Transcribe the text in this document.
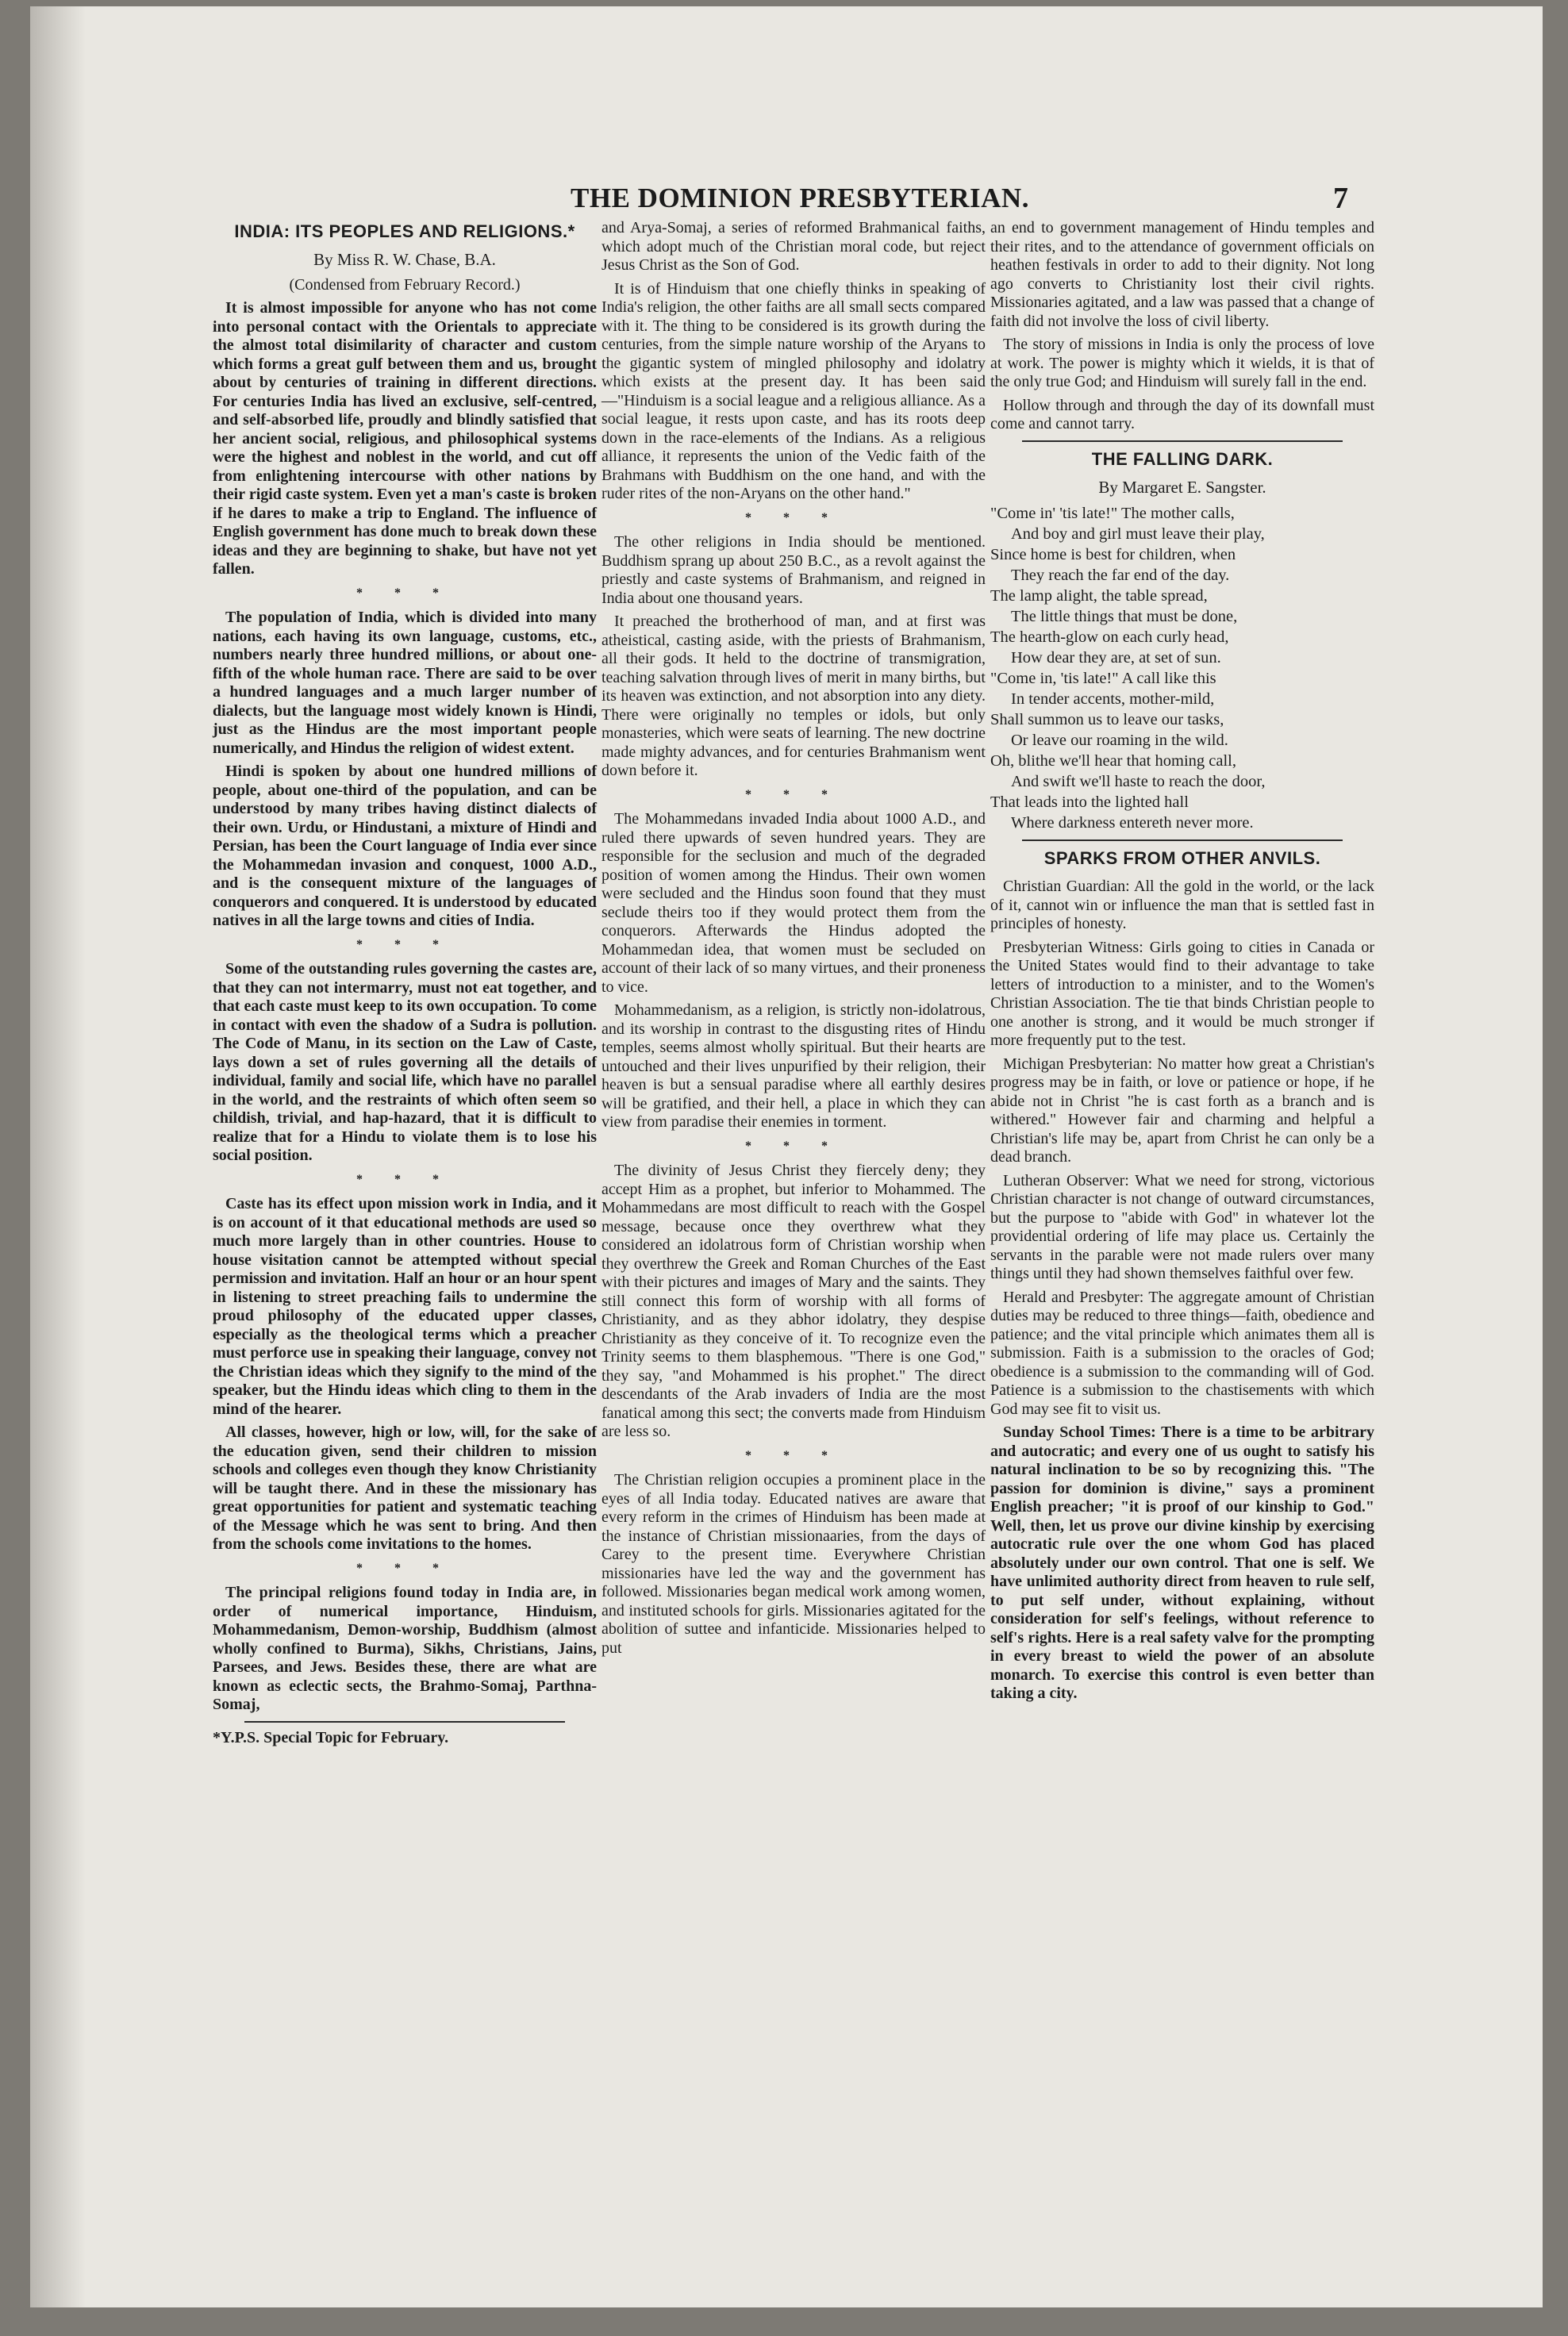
THE DOMINION PRESBYTERIAN.	7
INDIA: ITS PEOPLES AND RELIGIONS.*
By Miss R. W. Chase, B.A.
(Condensed from February Record.)

It is almost impossible for anyone who has not come into personal contact with the Orientals to appreciate the almost total disimilarity of character and custom which forms a great gulf between them and us, brought about by centuries of training in different directions. For centuries India has lived an exclusive, self-centred, and self-absorbed life, proudly and blindly satisfied that her ancient social, religious, and philosophical systems were the highest and noblest in the world, and cut off from enlightening intercourse with other nations by their rigid caste system. Even yet a man's caste is broken if he dares to make a trip to England. The influence of English government has done much to break down these ideas and they are beginning to shake, but have not yet fallen.

* * *

The population of India, which is divided into many nations, each having its own language, customs, etc., numbers nearly three hundred millions, or about one-fifth of the whole human race. There are said to be over a hundred languages and a much larger number of dialects, but the language most widely known is Hindi, just as the Hindus are the most important people numerically, and Hindus the religion of widest extent.

Hindi is spoken by about one hundred millions of people, about one-third of the population, and can be understood by many tribes having distinct dialects of their own. Urdu, or Hindustani, a mixture of Hindi and Persian, has been the Court language of India ever since the Mohammedan invasion and conquest, 1000 A.D., and is the consequent mixture of the languages of conquerors and conquered. It is understood by educated natives in all the large towns and cities of India.

* * *

Some of the outstanding rules governing the castes are, that they can not intermarry, must not eat together, and that each caste must keep to its own occupation. To come in contact with even the shadow of a Sudra is pollution. The Code of Manu, in its section on the Law of Caste, lays down a set of rules governing all the details of individual, family and social life, which have no parallel in the world, and the restraints of which often seem so childish, trivial, and hap-hazard, that it is difficult to realize that for a Hindu to violate them is to lose his social position.

* * *

Caste has its effect upon mission work in India, and it is on account of it that educational methods are used so much more largely than in other countries. House to house visitation cannot be attempted without special permission and invitation. Half an hour or an hour spent in listening to street preaching fails to undermine the proud philosophy of the educated upper classes, especially as the theological terms which a preacher must perforce use in speaking their language, convey not the Christian ideas which they signify to the mind of the speaker, but the Hindu ideas which cling to them in the mind of the hearer.

All classes, however, high or low, will, for the sake of the education given, send their children to mission schools and colleges even though they know Christianity will be taught there. And in these the missionary has great opportunities for patient and systematic teaching of the Message which he was sent to bring. And then from the schools come invitations to the homes.

* * *

The principal religions found today in India are, in order of numerical importance, Hinduism, Mohammedanism, Demon-worship, Buddhism (almost wholly confined to Burma), Sikhs, Christians, Jains, Parsees, and Jews. Besides these, there are what are known as eclectic sects, the Brahmo-Somaj, Parthna-Somaj,

*Y.P.S. Special Topic for February.

and Arya-Somaj, a series of reformed Brahmanical faiths, which adopt much of the Christian moral code, but reject Jesus Christ as the Son of God.

It is of Hinduism that one chiefly thinks in speaking of India's religion, the other faiths are all small sects compared with it. The thing to be considered is its growth during the centuries, from the simple nature worship of the Aryans to the gigantic system of mingled philosophy and idolatry which exists at the present day. It has been said—"Hinduism is a social league and a religious alliance. As a social league, it rests upon caste, and has its roots deep down in the race-elements of the Indians. As a religious alliance, it represents the union of the Vedic faith of the Brahmans with Buddhism on the one hand, and with the ruder rites of the non-Aryans on the other hand."

* * *

The other religions in India should be mentioned. Buddhism sprang up about 250 B.C., as a revolt against the priestly and caste systems of Brahmanism, and reigned in India about one thousand years.

It preached the brotherhood of man, and at first was atheistical, casting aside, with the priests of Brahmanism, all their gods. It held to the doctrine of transmigration, teaching salvation through lives of merit in many births, but its heaven was extinction, and not absorption into any diety. There were originally no temples or idols, but only monasteries, which were seats of learning. The new doctrine made mighty advances, and for centuries Brahmanism went down before it.

* * *

The Mohammedans invaded India about 1000 A.D., and ruled there upwards of seven hundred years. They are responsible for the seclusion and much of the degraded position of women among the Hindus. Their own women were secluded and the Hindus soon found that they must seclude theirs too if they would protect them from the conquerors. Afterwards the Hindus adopted the Mohammedan idea, that women must be secluded on account of their lack of so many virtues, and their proneness to vice.

Mohammedanism, as a religion, is strictly non-idolatrous, and its worship in contrast to the disgusting rites of Hindu temples, seems almost wholly spiritual. But their hearts are untouched and their lives unpurified by their religion, their heaven is but a sensual paradise where all earthly desires will be gratified, and their hell, a place in which they can view from paradise their enemies in torment.

* * *

The divinity of Jesus Christ they fiercely deny; they accept Him as a prophet, but inferior to Mohammed. The Mohammedans are most difficult to reach with the Gospel message, because once they overthrew what they considered an idolatrous form of Christian worship when they overthrew the Greek and Roman Churches of the East with their pictures and images of Mary and the saints. They still connect this form of worship with all forms of Christianity, and as they abhor idolatry, they despise Christianity as they conceive of it. To recognize even the Trinity seems to them blasphemous. "There is one God," they say, "and Mohammed is his prophet." The direct descendants of the Arab invaders of India are the most fanatical among this sect; the converts made from Hinduism are less so.

* * *

The Christian religion occupies a prominent place in the eyes of all India today. Educated natives are aware that every reform in the crimes of Hinduism has been made at the instance of Christian missionaaries, from the days of Carey to the present time. Everywhere Christian missionaries have led the way and the government has followed. Missionaries began medical work among women, and instituted schools for girls. Missionaries agitated for the abolition of suttee and infanticide. Missionaries helped to put

an end to government management of Hindu temples and their rites, and to the attendance of government officials on heathen festivals in order to add to their dignity. Not long ago converts to Christianity lost their civil rights. Missionaries agitated, and a law was passed that a change of faith did not involve the loss of civil liberty.

The story of missions in India is only the process of love at work. The power is mighty which it wields, it is that of the only true God; and Hinduism will surely fall in the end.

Hollow through and through the day of its downfall must come and cannot tarry.

THE FALLING DARK.
By Margaret E. Sangster.
"Come in' 'tis late!" The mother calls,
And boy and girl must leave their play,
Since home is best for children, when
They reach the far end of the day.
The lamp alight, the table spread,
The little things that must be done,
The hearth-glow on each curly head,
How dear they are, at set of sun.
"Come in, 'tis late!" A call like this
In tender accents, mother-mild,
Shall summon us to leave our tasks,
Or leave our roaming in the wild.
Oh, blithe we'll hear that homing call,
And swift we'll haste to reach the door,
That leads into the lighted hall
Where darkness entereth never more.
SPARKS FROM OTHER ANVILS.

Christian Guardian: All the gold in the world, or the lack of it, cannot win or influence the man that is settled fast in principles of honesty.

Presbyterian Witness: Girls going to cities in Canada or the United States would find to their advantage to take letters of introduction to a minister, and to the Women's Christian Association. The tie that binds Christian people to one another is strong, and it would be much stronger if more frequently put to the test.

Michigan Presbyterian: No matter how great a Christian's progress may be in faith, or love or patience or hope, if he abide not in Christ "he is cast forth as a branch and is withered." However fair and charming and helpful a Christian's life may be, apart from Christ he can only be a dead branch.

Lutheran Observer: What we need for strong, victorious Christian character is not change of outward circumstances, but the purpose to "abide with God" in whatever lot the providential ordering of life may place us. Certainly the servants in the parable were not made rulers over many things until they had shown themselves faithful over few.

Herald and Presbyter: The aggregate amount of Christian duties may be reduced to three things—faith, obedience and patience; and the vital principle which animates them all is submission. Faith is a submission to the oracles of God; obedience is a submission to the commanding will of God. Patience is a submission to the chastisements with which God may see fit to visit us.

Sunday School Times: There is a time to be arbitrary and autocratic; and every one of us ought to satisfy his natural inclination to be so by recognizing this. "The passion for dominion is divine," says a prominent English preacher; "it is proof of our kinship to God." Well, then, let us prove our divine kinship by exercising autocratic rule over the one whom God has placed absolutely under our own control. That one is self. We have unlimited authority direct from heaven to rule self, to put self under, without explaining, without consideration for self's feelings, without reference to self's rights. Here is a real safety valve for the prompting in every breast to wield the power of an absolute monarch. To exercise this control is even better than taking a city.
